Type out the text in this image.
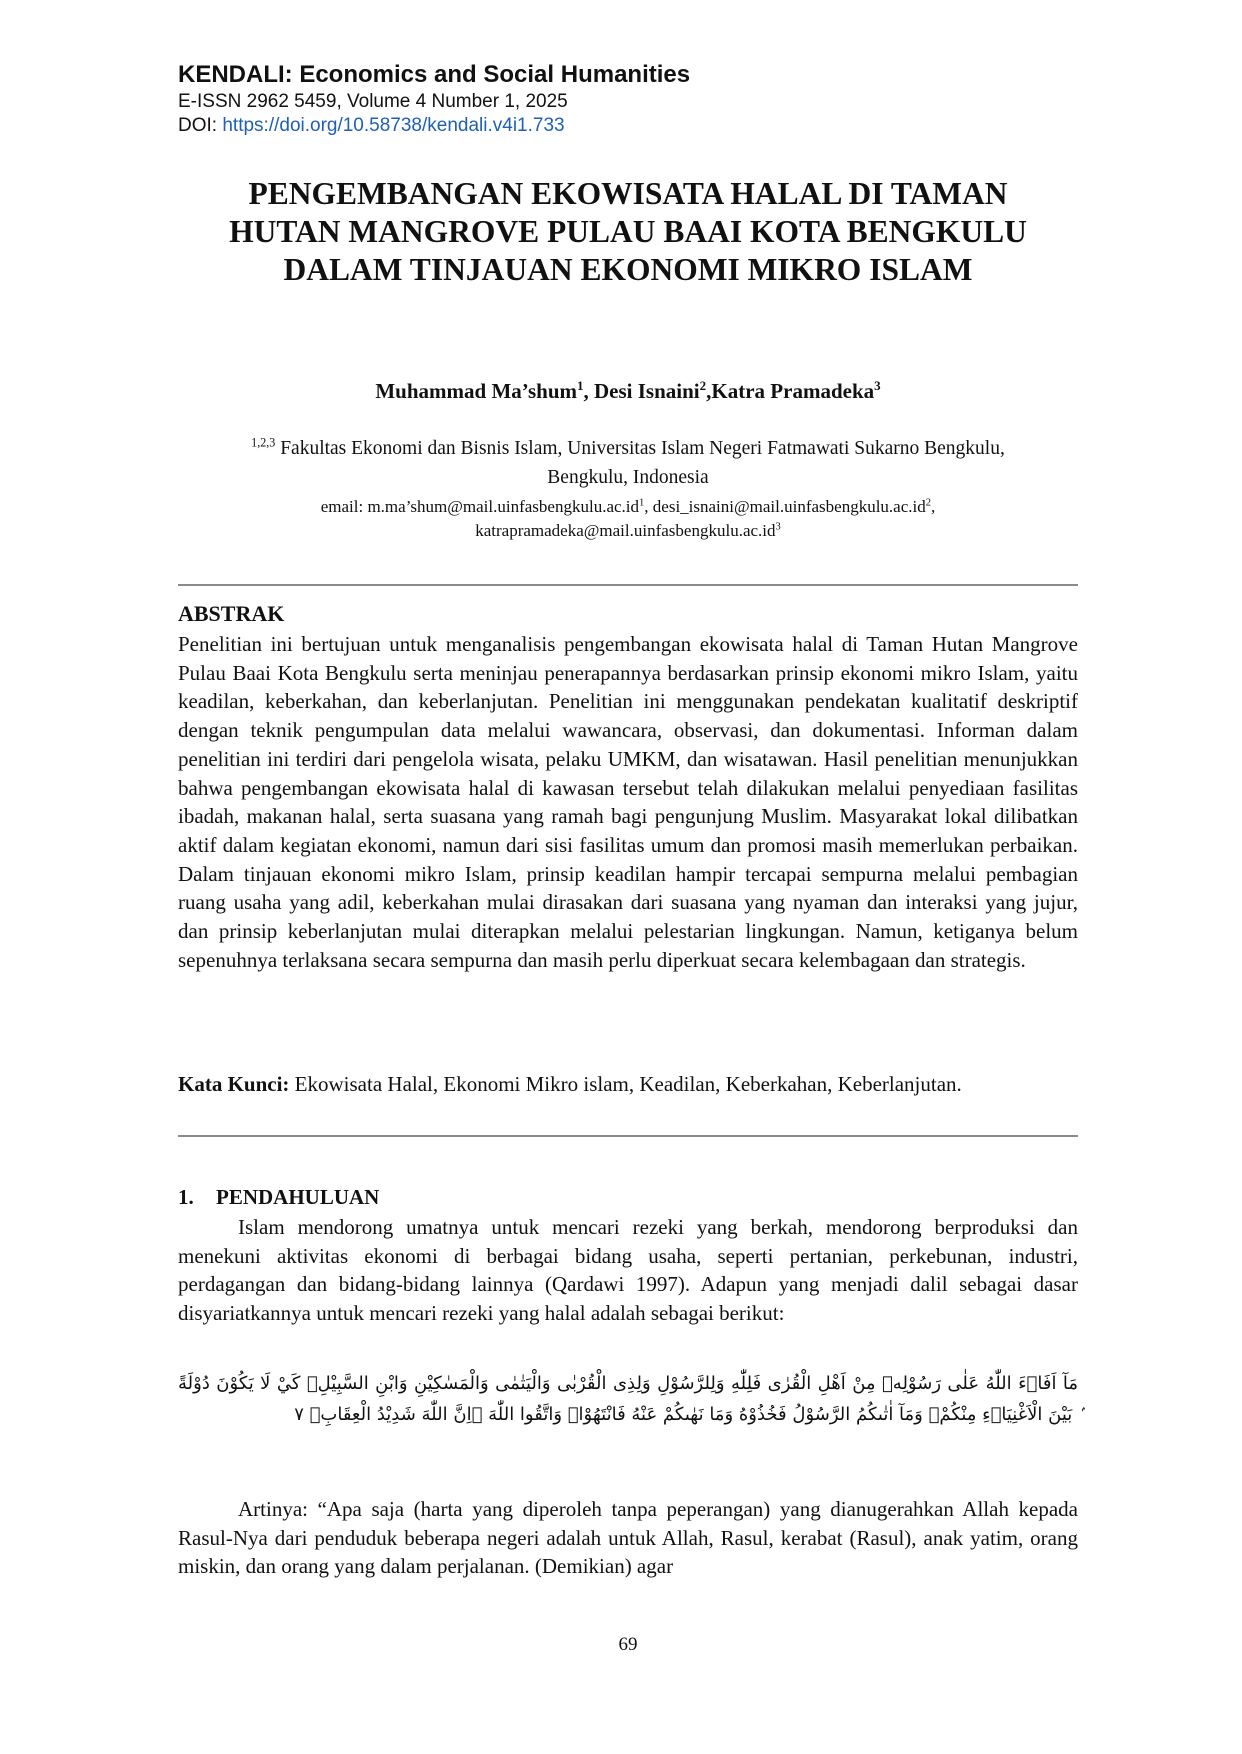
KENDALI: Economics and Social Humanities
E-ISSN 2962 5459, Volume 4 Number 1, 2025
DOI: https://doi.org/10.58738/kendali.v4i1.733
PENGEMBANGAN EKOWISATA HALAL DI TAMAN
HUTAN MANGROVE PULAU BAAI KOTA BENGKULU
DALAM TINJAUAN EKONOMI MIKRO ISLAM
Muhammad Ma’shum$^1$, Desi Isnaini$^2$,Katra Pramadeka$^3$
$^{1,2,3}$ Fakultas Ekonomi dan Bisnis Islam, Universitas Islam Negeri Fatmawati Sukarno Bengkulu,
Bengkulu, Indonesia
email: $m.ma’shum@mail.uinfasbengkulu.ac.id^1$, $desi\_isnaini@mail.uinfasbengkulu.ac.id^2$,
$katrapramadeka@mail.uinfasbengkulu.ac.id^3$
ABSTRAK

Penelitian ini bertujuan untuk menganalisis pengembangan ekowisata halal di Taman Hutan Mangrove Pulau Baai Kota Bengkulu serta meninjau penerapannya berdasarkan prinsip ekonomi mikro Islam, yaitu keadilan, keberkahan, dan keberlanjutan. Penelitian ini menggunakan pendekatan kualitatif deskriptif dengan teknik pengumpulan data melalui wawancara, observasi, dan dokumentasi. Informan dalam penelitian ini terdiri dari pengelola wisata, pelaku UMKM, dan wisatawan. Hasil penelitian menunjukkan bahwa pengembangan ekowisata halal di kawasan tersebut telah dilakukan melalui penyediaan fasilitas ibadah, makanan halal, serta suasana yang ramah bagi pengunjung Muslim. Masyarakat lokal dilibatkan aktif dalam kegiatan ekonomi, namun dari sisi fasilitas umum dan promosi masih memerlukan perbaikan. Dalam tinjauan ekonomi mikro Islam, prinsip keadilan hampir tercapai sempurna melalui pembagian ruang usaha yang adil, keberkahan mulai dirasakan dari suasana yang nyaman dan interaksi yang jujur, dan prinsip keberlanjutan mulai diterapkan melalui pelestarian lingkungan. Namun, ketiganya belum sepenuhnya terlaksana secara sempurna dan masih perlu diperkuat secara kelembagaan dan strategis.

Kata Kunci: Ekowisata Halal, Ekonomi Mikro islam, Keadilan, Keberkahan, Keberlanjutan.

1. PENDAHULUAN

Islam mendorong umatnya untuk mencari rezeki yang berkah, mendorong berproduksi dan menekuni aktivitas ekonomi di berbagai bidang usaha, seperti pertanian, perkebunan, industri, perdagangan dan bidang-bidang lainnya (Qardawi 1997). Adapun yang menjadi dalil sebagai dasar disyariatkannya untuk mencari rezeki yang halal adalah sebagai berikut:

مَآ اَفَاۤءَ اللّٰهُ عَلٰى رَسُوْلِهٖ مِنْ اَهْلِ الْقُرٰى فَلِلّٰهِ وَلِلرَّسُوْلِ وَلِذِى الْقُرْبٰى وَالْيَتٰمٰى وَالْمَسٰكِيْنِ وَابْنِ السَّبِيْلِۙ كَيْ لَا يَكُوْنَ دُوْلَةً ۢ بَيْنَ الْاَغْنِيَاۤءِ مِنْكُمْۗ وَمَآ اٰتٰىكُمُ الرَّسُوْلُ فَخُذُوْهُ وَمَا نَهٰىكُمْ عَنْهُ فَانْتَهُوْاۚ وَاتَّقُوا اللّٰهَ ۗاِنَّ اللّٰهَ شَدِيْدُ الْعِقَابِۘ ٧

Artinya: “Apa saja (harta yang diperoleh tanpa peperangan) yang dianugerahkan Allah kepada Rasul-Nya dari penduduk beberapa negeri adalah untuk Allah, Rasul, kerabat (Rasul), anak yatim, orang miskin, dan orang yang dalam perjalanan. (Demikian) agar

69
